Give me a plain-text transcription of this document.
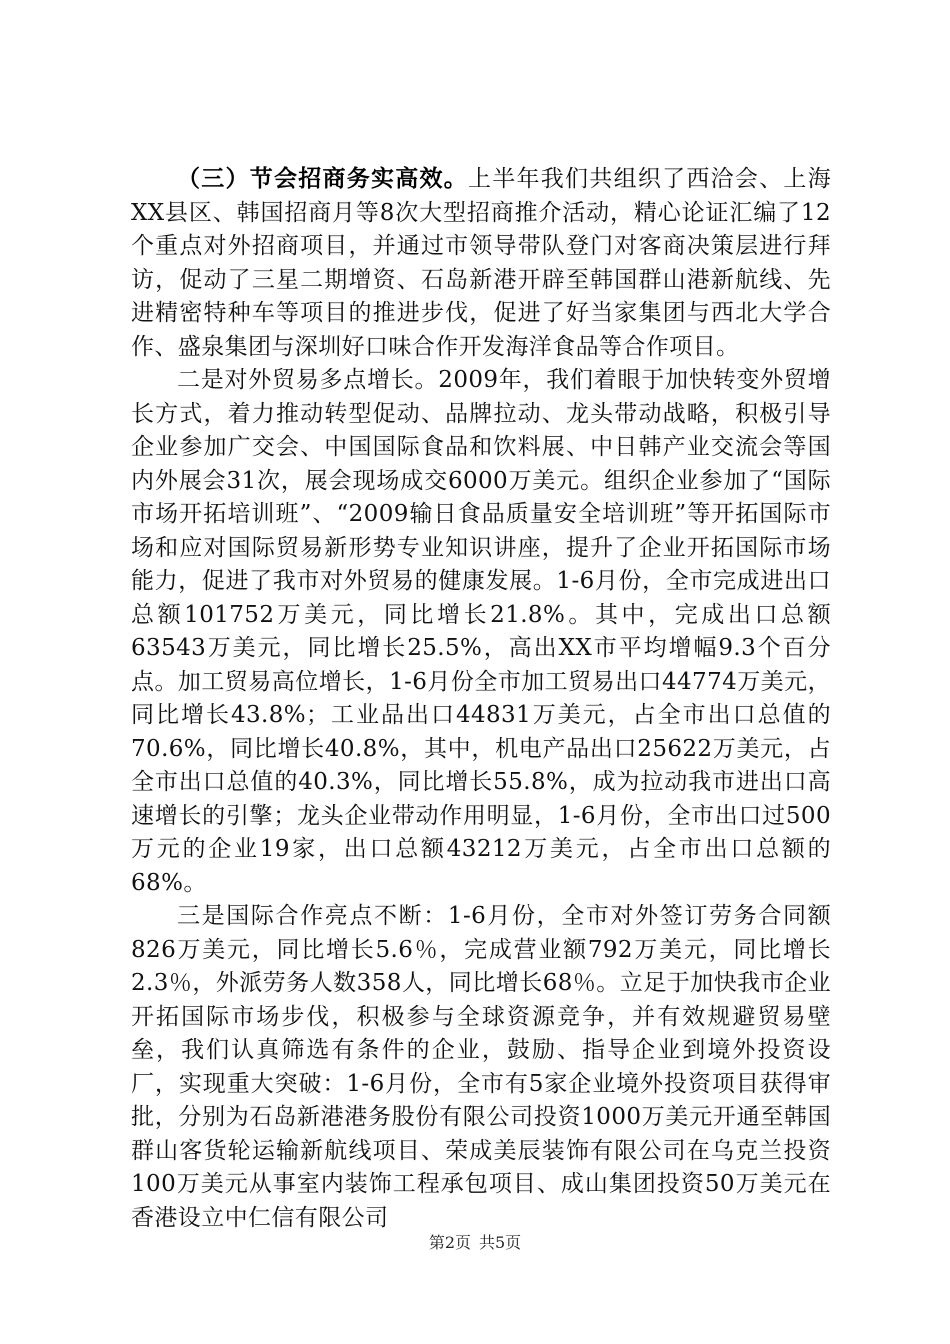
（三）节会招商务实高效。上半年我们共组织了西洽会、上海XX县区、韩国招商月等8次大型招商推介活动，精心论证汇编了12个重点对外招商项目，并通过市领导带队登门对客商决策层进行拜访，促动了三星二期增资、石岛新港开辟至韩国群山港新航线、先进精密特种车等项目的推进步伐，促进了好当家集团与西北大学合作、盛泉集团与深圳好口味合作开发海洋食品等合作项目。

二是对外贸易多点增长。2009年，我们着眼于加快转变外贸增长方式，着力推动转型促动、品牌拉动、龙头带动战略，积极引导企业参加广交会、中国国际食品和饮料展、中日韩产业交流会等国内外展会31次，展会现场成交6000万美元。组织企业参加了“国际市场开拓培训班”、“2009输日食品质量安全培训班”等开拓国际市场和应对国际贸易新形势专业知识讲座，提升了企业开拓国际市场能力，促进了我市对外贸易的健康发展。1-6月份，全市完成进出口总额101752万美元，同比增长21.8%。其中，完成出口总额63543万美元，同比增长25.5%，高出XX市平均增幅9.3个百分点。加工贸易高位增长，1-6月份全市加工贸易出口44774万美元，同比增长43.8%；工业品出口44831万美元，占全市出口总值的70.6%，同比增长40.8%，其中，机电产品出口25622万美元，占全市出口总值的40.3%，同比增长55.8%，成为拉动我市进出口高速增长的引擎；龙头企业带动作用明显，1-6月份，全市出口过500万元的企业19家，出口总额43212万美元，占全市出口总额的68%。

三是国际合作亮点不断：1-6月份，全市对外签订劳务合同额826万美元，同比增长5.6％，完成营业额792万美元，同比增长2.3％，外派劳务人数358人，同比增长68％。立足于加快我市企业开拓国际市场步伐，积极参与全球资源竞争，并有效规避贸易壁垒，我们认真筛选有条件的企业，鼓励、指导企业到境外投资设厂，实现重大突破：1-6月份，全市有5家企业境外投资项目获得审批，分别为石岛新港港务股份有限公司投资1000万美元开通至韩国群山客货轮运输新航线项目、荣成美辰装饰有限公司在乌克兰投资100万美元从事室内装饰工程承包项目、成山集团投资50万美元在香港设立中仁信有限公司

第2页 共5页
